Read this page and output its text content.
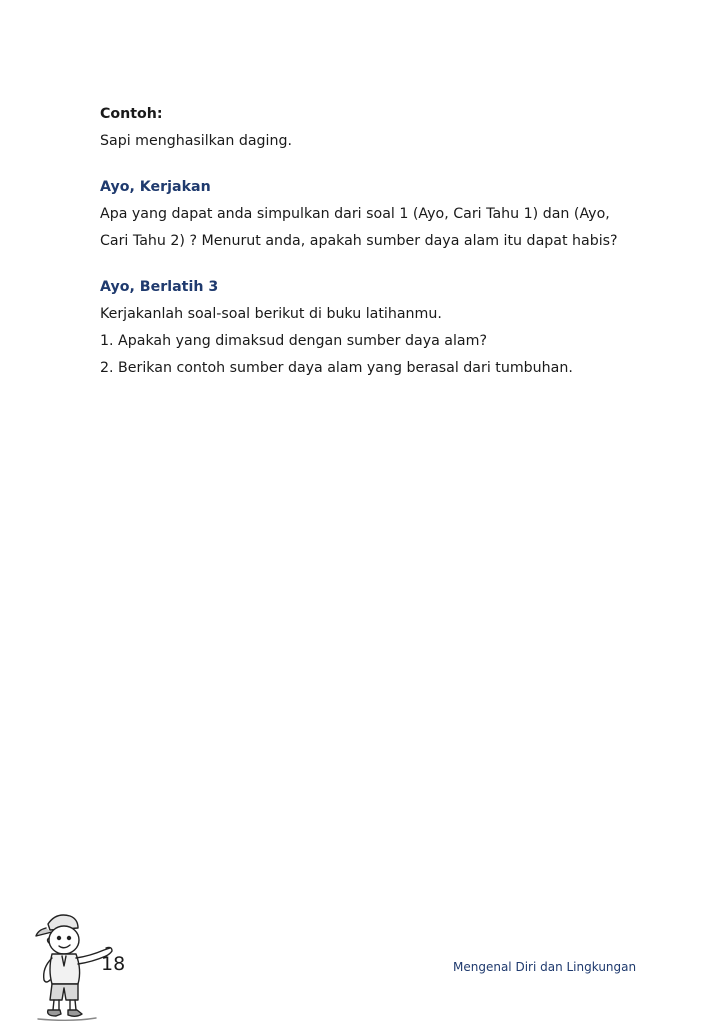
Contoh:
Sapi menghasilkan daging.
Ayo, Kerjakan
Apa yang dapat anda simpulkan dari soal 1 (Ayo, Cari Tahu 1) dan (Ayo,
Cari Tahu 2) ? Menurut anda, apakah sumber daya alam itu dapat habis?
Ayo, Berlatih 3
Kerjakanlah soal-soal berikut di buku latihanmu.
1. Apakah yang dimaksud dengan sumber daya alam?
2. Berikan contoh sumber daya alam yang berasal dari tumbuhan.
18	Mengenal Diri dan Lingkungan
